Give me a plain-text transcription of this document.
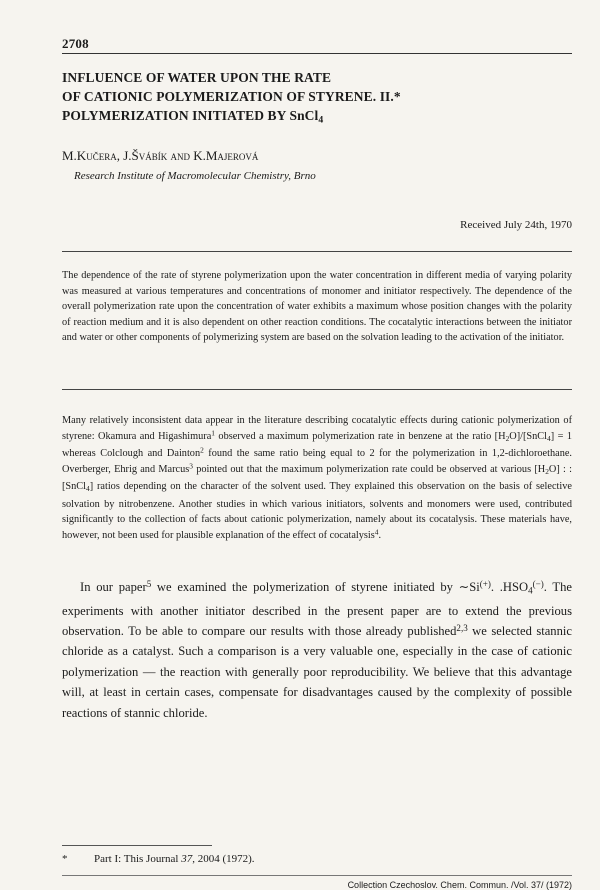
2708
INFLUENCE OF WATER UPON THE RATE
OF CATIONIC POLYMERIZATION OF STYRENE. II.*
POLYMERIZATION INITIATED BY SnCl$_4$
M.Kučera, J.Švábík and K.Majerová
Research Institute of Macromolecular Chemistry, Brno
Received July 24th, 1970
The dependence of the rate of styrene polymerization upon the water concentration in different media of varying polarity was measured at various temperatures and concentrations of monomer and initiator respectively. The dependence of the overall polymerization rate upon the concentration of water exhibits a maximum whose position changes with the polarity of reaction medium and it is also dependent on other reaction conditions. The cocatalytic interactions between the initiator and water or other components of polymerizing system are based on the solvation leading to the activation of the initiator.
Many relatively inconsistent data appear in the literature describing cocatalytic effects during cationic polymerization of styrene: Okamura and Higashimura$^1$ observed a maximum polymerization rate in benzene at the ratio $[H_2O]/[SnCl_4] = 1$ whereas Colclough and Dainton$^2$ found the same ratio being equal to 2 for the polymerization in 1,2-dichloroethane. Overberger, Ehrig and Marcus$^3$ pointed out that the maximum polymerization rate could be observed at various $[H_2O]$ : : [SnCl$_4$] ratios depending on the character of the solvent used. They explained this observation on the basis of selective solvation by nitrobenzene. Another studies in which various initiators, solvents and monomers were used, contributed significantly to the collection of facts about cationic polymerization, namely about its cocatalysis. These materials have, however, not been used for plausible explanation of the effect of cocatalysis$^4$.
In our paper$^5$ we examined the polymerization of styrene initiated by ∼Si(+). $.HSO_4^{(-)}$. The experiments with another initiator described in the present paper are to extend the previous observation. To be able to compare our results with those already published$^{2,3}$ we selected stannic chloride as a catalyst. Such a comparison is a very valuable one, especially in the case of cationic polymerization — the reaction with generally poor reproducibility. We believe that this advantage will, at least in certain cases, compensate for disadvantages caused by the complexity of possible reactions of stannic chloride.
* Part I: This Journal 37, 2004 (1972).
Collection Czechoslov. Chem. Commun. /Vol. 37/ (1972)
